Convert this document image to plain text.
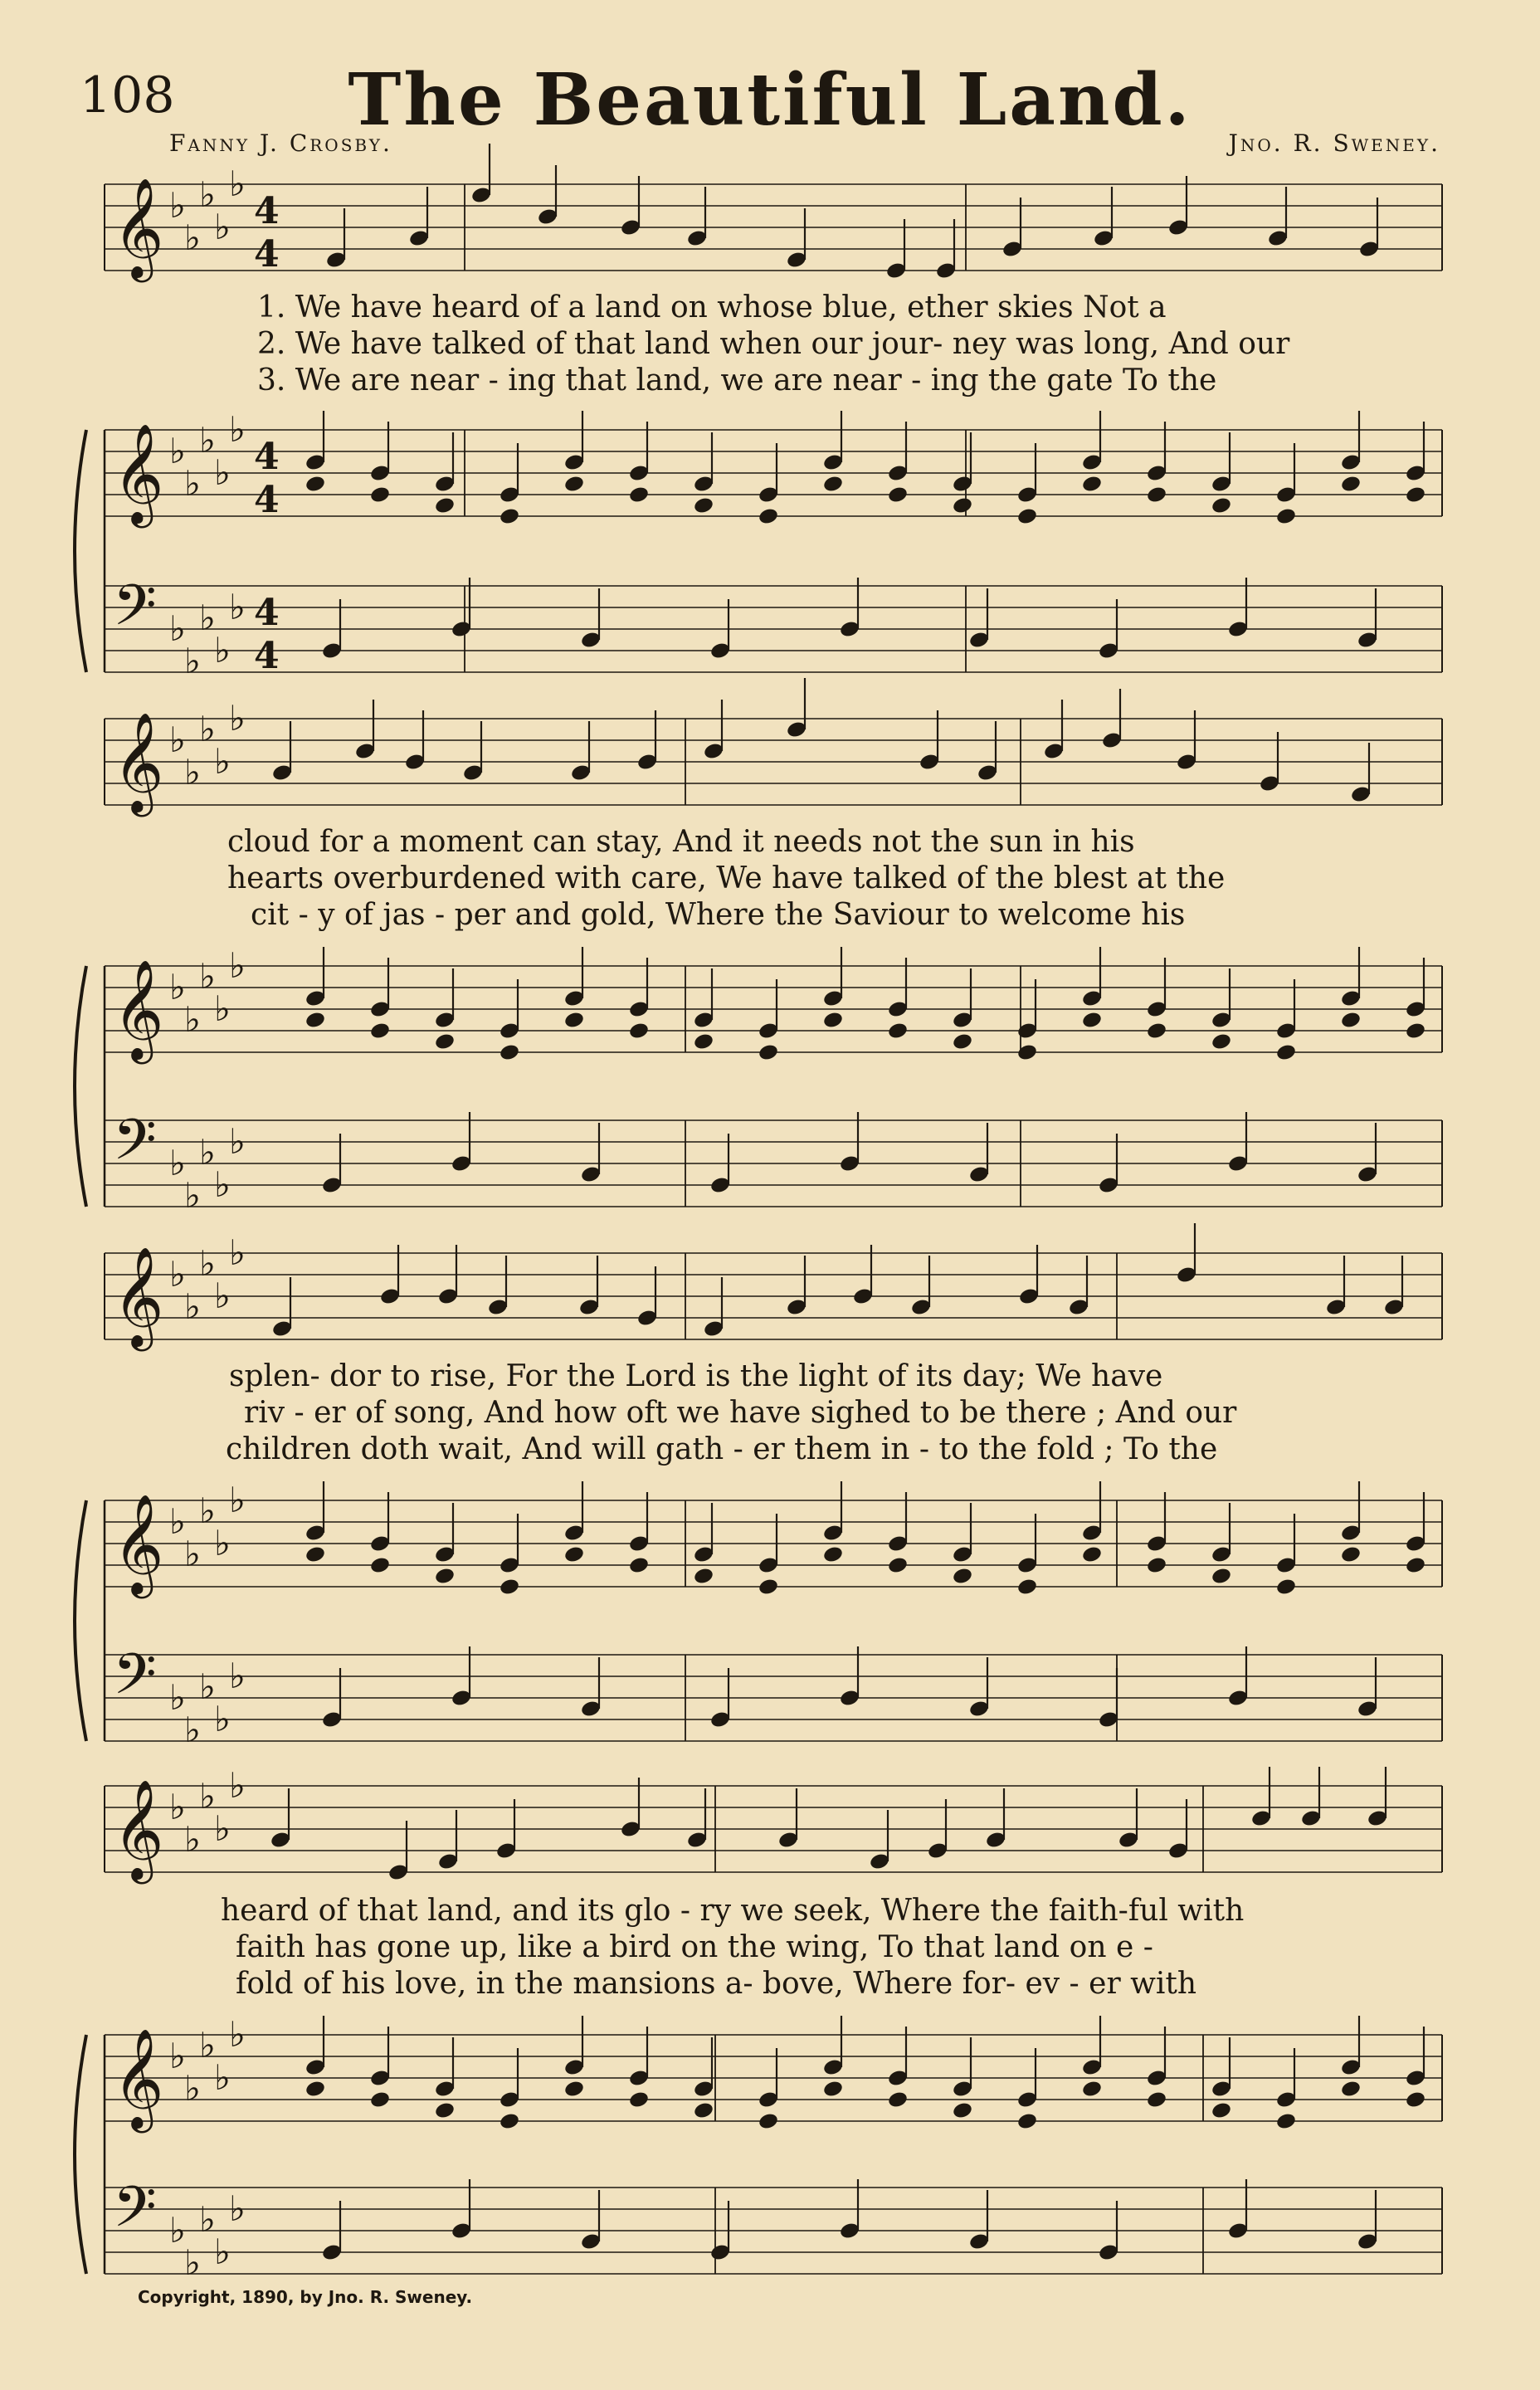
108	The Beautiful Land.
Fanny J. Crosby.	Jno. R. Sweney.
𝄞 ♭
♭
♭
♭
♭
𝄞 ♭
♭
♭
♭
♭
𝄢 ♭
♭
♭
♭
♭
4
4
4
4
4
4
𝄞 ♭
♭
♭
♭
♭
𝄞 ♭
♭
♭
♭
♭
𝄢 ♭
♭
♭
♭
♭
𝄞 ♭
♭
♭
♭
♭
𝄞 ♭
♭
♭
♭
♭
𝄢 ♭
♭
♭
♭
♭
𝄞 ♭
♭
♭
♭
♭
𝄞 ♭
♭
♭
♭
♭
𝄢 ♭
♭
♭
♭
♭
1. We have heard of a land on whose blue, ether skies Not a
2. We have talked of that land when our jour- ney was long, And our
3. We are near - ing that land, we are near - ing the gate To the
cloud for a moment can stay, And it needs not the sun in his
hearts overburdened with care, We have talked of the blest at the
cit - y of jas - per and gold, Where the Saviour to welcome his
splen- dor to rise, For the Lord is the light of its day; We have
riv - er of song, And how oft we have sighed to be there ; And our
children doth wait, And will gath - er them in - to the fold ; To the
heard of that land, and its glo - ry we seek, Where the faith-ful with
faith has gone up, like a bird on the wing, To that land on e -
fold of his love, in the mansions a- bove, Where for- ev - er with
Copyright, 1890, by Jno. R. Sweney.
